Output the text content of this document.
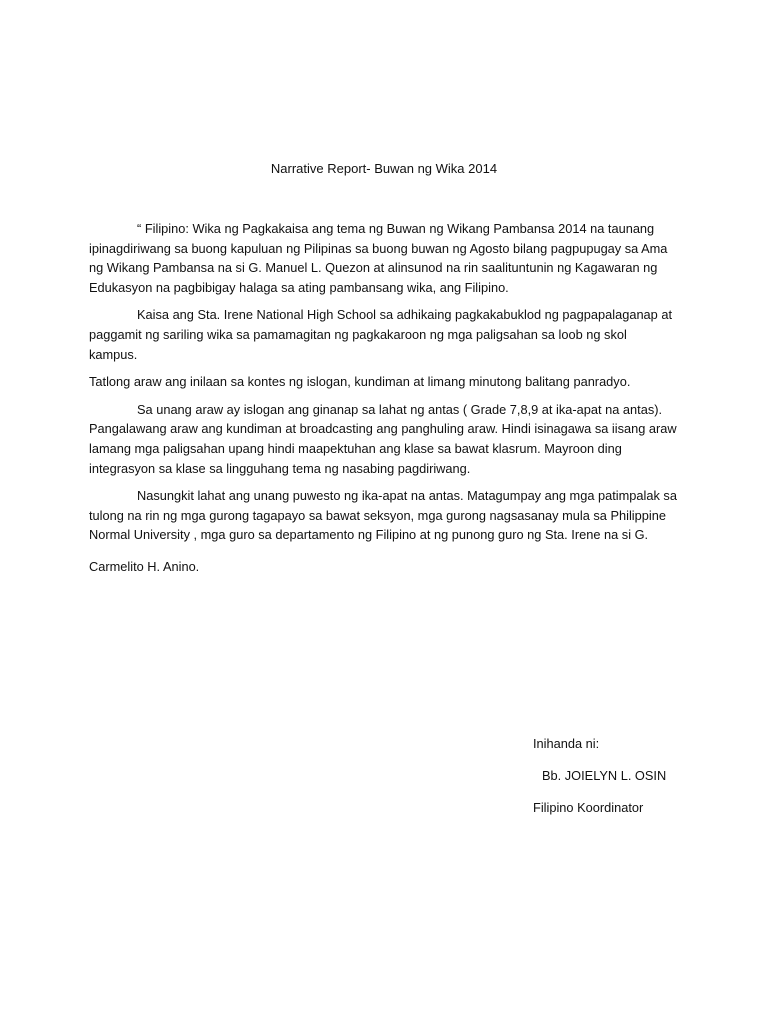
Narrative Report- Buwan ng Wika 2014

“ Filipino: Wika ng Pagkakaisa ang tema ng Buwan ng Wikang Pambansa 2014 na taunang ipinagdiriwang sa buong kapuluan ng Pilipinas sa buong buwan ng Agosto bilang pagpupugay sa Ama ng Wikang Pambansa na si G. Manuel L. Quezon at alinsunod na rin saalituntunin ng Kagawaran ng Edukasyon na pagbibigay halaga sa ating pambansang wika, ang Filipino.

Kaisa ang Sta. Irene National High School sa adhikaing pagkakabuklod ng pagpapalaganap at paggamit ng sariling wika sa pamamagitan ng pagkakaroon ng mga paligsahan sa loob ng skol kampus.

Tatlong araw ang inilaan sa kontes ng islogan, kundiman at limang minutong balitang panradyo.

Sa unang araw ay islogan ang ginanap sa lahat ng antas ( Grade 7,8,9 at ika-apat na antas). Pangalawang araw ang kundiman at broadcasting ang panghuling araw. Hindi isinagawa sa iisang araw lamang mga paligsahan upang hindi maapektuhan ang klase sa bawat klasrum. Mayroon ding integrasyon sa klase sa lingguhang tema ng nasabing pagdiriwang.

Nasungkit lahat ang unang puwesto ng ika-apat na antas. Matagumpay ang mga patimpalak sa tulong na rin ng mga gurong tagapayo sa bawat seksyon, mga gurong nagsasanay mula sa Philippine Normal University , mga guro sa departamento ng Filipino at ng punong guro ng Sta. Irene na si G.

Carmelito H. Anino.

Inihanda ni:
Bb. JOIELYN L. OSIN
Filipino Koordinator
